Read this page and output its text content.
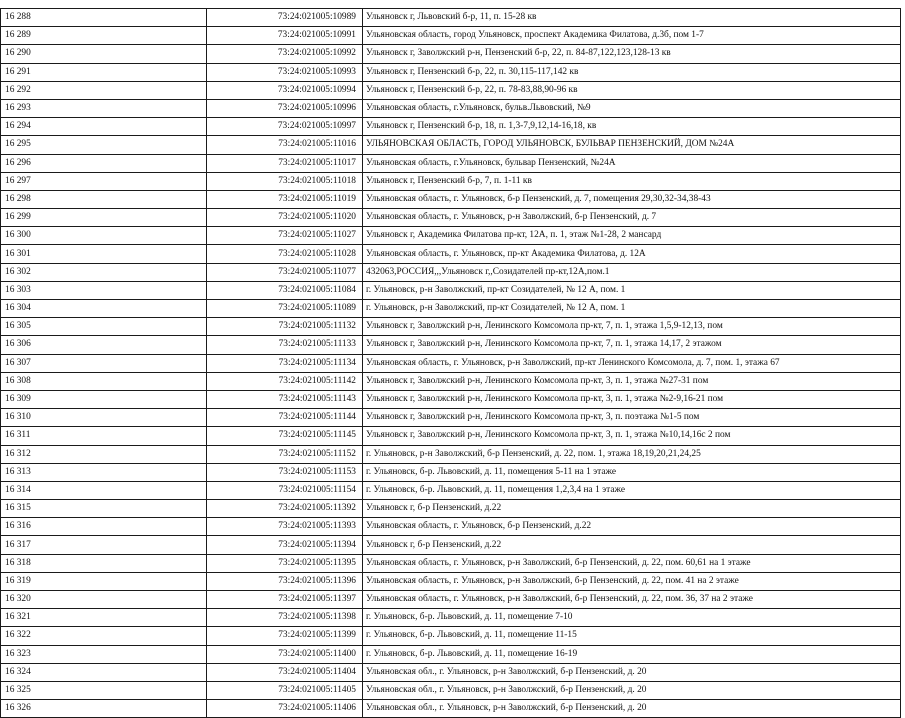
16 288	73:24:021005:10989	Ульяновск г, Львовский б-р, 11, п. 15-28 кв
16 289	73:24:021005:10991	Ульяновская область, город Ульяновск, проспект Академика Филатова, д.3б, пом 1-7
16 290	73:24:021005:10992	Ульяновск г, Заволжский р-н, Пензенский б-р, 22, п. 84-87,122,123,128-13 кв
16 291	73:24:021005:10993	Ульяновск г, Пензенский б-р, 22, п. 30,115-117,142 кв
16 292	73:24:021005:10994	Ульяновск г, Пензенский б-р, 22, п. 78-83,88,90-96 кв
16 293	73:24:021005:10996	Ульяновская область, г.Ульяновск, бульв.Львовский, №9
16 294	73:24:021005:10997	Ульяновск г, Пензенский б-р, 18, п. 1,3-7,9,12,14-16,18, кв
16 295	73:24:021005:11016	УЛЬЯНОВСКАЯ ОБЛАСТЬ, ГОРОД УЛЬЯНОВСК, БУЛЬВАР ПЕНЗЕНСКИЙ, ДОМ №24А
16 296	73:24:021005:11017	Ульяновская область, г.Ульяновск, бульвар Пензенский, №24А
16 297	73:24:021005:11018	Ульяновск г, Пензенский б-р, 7, п. 1-11 кв
16 298	73:24:021005:11019	Ульяновская область, г. Ульяновск, б-р Пензенский, д. 7, помещения 29,30,32-34,38-43
16 299	73:24:021005:11020	Ульяновская область, г. Ульяновск, р-н Заволжский, б-р Пензенский, д. 7
16 300	73:24:021005:11027	Ульяновск г, Академика Филатова пр-кт, 12А, п. 1, этаж №1-28, 2 мансард
16 301	73:24:021005:11028	Ульяновская область, г. Ульяновск, пр-кт Академика Филатова, д. 12А
16 302	73:24:021005:11077	432063,РОССИЯ,,,Ульяновск г,,Созидателей пр-кт,12А,пом.1
16 303	73:24:021005:11084	г. Ульяновск, р-н Заволжский, пр-кт Созидателей, № 12 А, пом. 1
16 304	73:24:021005:11089	г. Ульяновск, р-н Заволжский, пр-кт Созидателей, № 12 А, пом. 1
16 305	73:24:021005:11132	Ульяновск г, Заволжский р-н, Ленинского Комсомола пр-кт, 7, п. 1, этажа 1,5,9-12,13, пом
16 306	73:24:021005:11133	Ульяновск г, Заволжский р-н, Ленинского Комсомола пр-кт, 7, п. 1, этажа 14,17, 2 этажом
16 307	73:24:021005:11134	Ульяновская область, г. Ульяновск, р-н Заволжский, пр-кт Ленинского Комсомола, д. 7, пом. 1, этажа 67
16 308	73:24:021005:11142	Ульяновск г, Заволжский р-н, Ленинского Комсомола пр-кт, 3, п. 1, этажа №27-31 пом
16 309	73:24:021005:11143	Ульяновск г, Заволжский р-н, Ленинского Комсомола пр-кт, 3, п. 1, этажа №2-9,16-21 пом
16 310	73:24:021005:11144	Ульяновск г, Заволжский р-н, Ленинского Комсомола пр-кт, 3, п. поэтажа №1-5 пом
16 311	73:24:021005:11145	Ульяновск г, Заволжский р-н, Ленинского Комсомола пр-кт, 3, п. 1, этажа №10,14,16с 2 пом
16 312	73:24:021005:11152	г. Ульяновск, р-н Заволжский, б-р Пензенский, д. 22, пом. 1, этажа 18,19,20,21,24,25
16 313	73:24:021005:11153	г. Ульяновск, б-р. Львовский, д. 11, помещения 5-11 на 1 этаже
16 314	73:24:021005:11154	г. Ульяновск, б-р. Львовский, д. 11, помещения 1,2,3,4 на 1 этаже
16 315	73:24:021005:11392	Ульяновск г, б-р Пензенский, д.22
16 316	73:24:021005:11393	Ульяновская область, г. Ульяновск, б-р Пензенский, д.22
16 317	73:24:021005:11394	Ульяновск г, б-р Пензенский, д.22
16 318	73:24:021005:11395	Ульяновская область, г. Ульяновск, р-н Заволжский, б-р Пензенский, д. 22, пом. 60,61 на 1 этаже
16 319	73:24:021005:11396	Ульяновская область, г. Ульяновск, р-н Заволжский, б-р Пензенский, д. 22, пом. 41 на 2 этаже
16 320	73:24:021005:11397	Ульяновская область, г. Ульяновск, р-н Заволжский, б-р Пензенский, д. 22, пом. 36, 37 на 2 этаже
16 321	73:24:021005:11398	г. Ульяновск, б-р. Львовский, д. 11, помещение 7-10
16 322	73:24:021005:11399	г. Ульяновск, б-р. Львовский, д. 11, помещение 11-15
16 323	73:24:021005:11400	г. Ульяновск, б-р. Львовский, д. 11, помещение 16-19
16 324	73:24:021005:11404	Ульяновская обл., г. Ульяновск, р-н Заволжский, б-р Пензенский, д. 20
16 325	73:24:021005:11405	Ульяновская обл., г. Ульяновск, р-н Заволжский, б-р Пензенский, д. 20
16 326	73:24:021005:11406	Ульяновская обл., г. Ульяновск, р-н Заволжский, б-р Пензенский, д. 20
